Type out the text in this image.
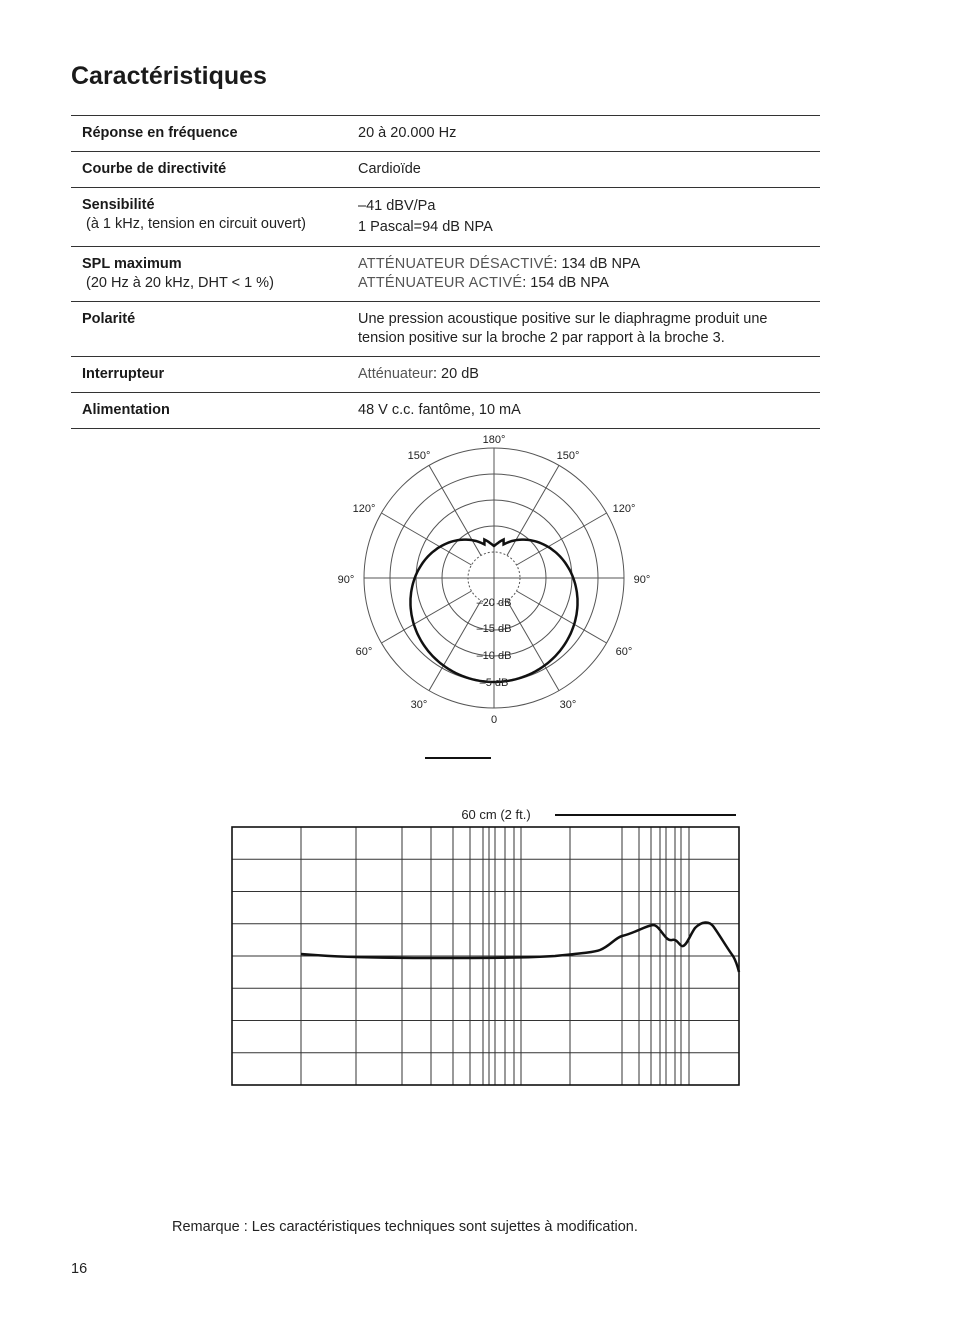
Caractéristiques
Réponse en fréquence	20 à 20.000 Hz

Courbe de directivité	Cardioïde

Sensibilité
(à 1 kHz, tension en circuit ouvert)	–41 dBV/Pa
1 Pascal=94 dB NPA

SPL maximum
(20 Hz à 20 kHz, DHT < 1 %)	ATTÉNUATEUR DÉSACTIVÉ: 134 dB NPA
ATTÉNUATEUR ACTIVÉ: 154 dB NPA

Polarité	Une pression acoustique positive sur le diaphragme produit une
tension positive sur la broche 2 par rapport à la broche 3.

Interrupteur	Atténuateur: 20 dB
Alimentation	48 V c.c. fantôme, 10 mA
180°
150°	150°
120°	120°
90°	90°
60°	60°
30°	30°
0
–20 dB
–15 dB
–10 dB
–5 dB
60 cm (2 ft.)
Remarque : Les caractéristiques techniques sont sujettes à modification.
16
